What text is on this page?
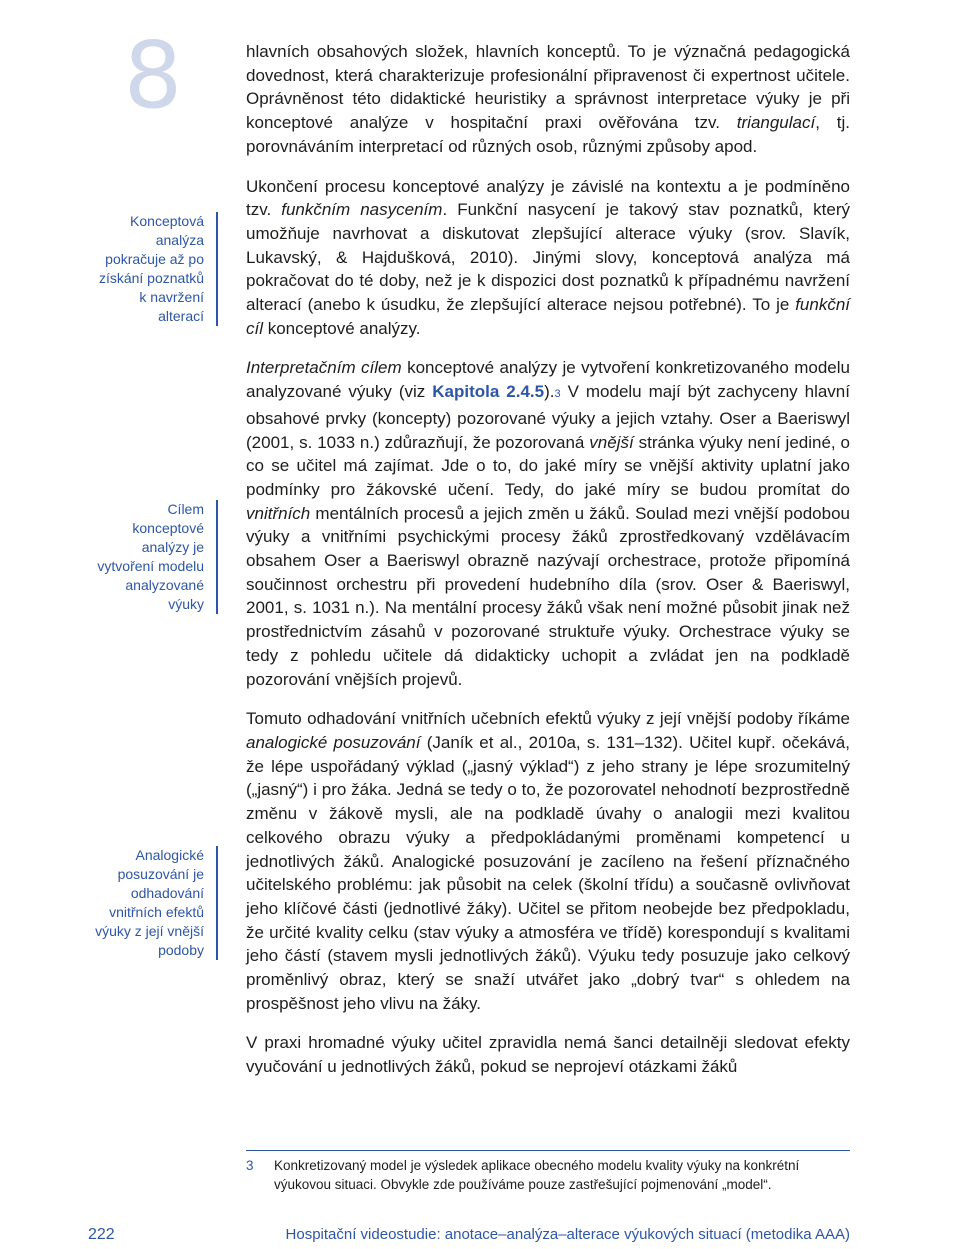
8
Konceptová analýza pokračuje až po získání poznatků k navržení alterací
Cílem konceptové analýzy je vytvoření modelu analyzované výuky
Analogické posuzování je odhadování vnitřních efektů výuky z její vnější podoby

hlavních obsahových složek, hlavních konceptů. To je význačná pedagogická dovednost, která charakterizuje profesionální připravenost či expertnost učitele. Oprávněnost této didaktické heuristiky a správnost interpretace výuky je při konceptové analýze v hospitační praxi ověřována tzv. triangulací, tj. porovnáváním interpretací od různých osob, různými způsoby apod.

Ukončení procesu konceptové analýzy je závislé na kontextu a je podmíněno tzv. funkčním nasycením. Funkční nasycení je takový stav poznatků, který umožňuje navrhovat a diskutovat zlepšující alterace výuky (srov. Slavík, Lukavský, & Hajdušková, 2010). Jinými slovy, konceptová analýza má pokračovat do té doby, než je k dispozici dost poznatků k případnému navržení alterací (anebo k úsudku, že zlepšující alterace nejsou potřebné). To je funkční cíl konceptové analýzy.

Interpretačním cílem konceptové analýzy je vytvoření konkretizovaného modelu analyzované výuky (viz Kapitola 2.4.5).3 V modelu mají být zachyceny hlavní obsahové prvky (koncepty) pozorované výuky a jejich vztahy. Oser a Baeriswyl (2001, s. 1033 n.) zdůrazňují, že pozorovaná vnější stránka výuky není jediné, o co se učitel má zajímat. Jde o to, do jaké míry se vnější aktivity uplatní jako podmínky pro žákovské učení. Tedy, do jaké míry se budou promítat do vnitřních mentálních procesů a jejich změn u žáků. Soulad mezi vnější podobou výuky a vnitřními psychickými procesy žáků zprostředkovaný vzdělávacím obsahem Oser a Baeriswyl obrazně nazývají orchestrace, protože připomíná součinnost orchestru při provedení hudebního díla (srov. Oser & Baeriswyl, 2001, s. 1031 n.). Na mentální procesy žáků však není možné působit jinak než prostřednictvím zásahů v pozorované struktuře výuky. Orchestrace výuky se tedy z pohledu učitele dá didakticky uchopit a zvládat jen na podkladě pozorování vnějších projevů.

Tomuto odhadování vnitřních učebních efektů výuky z její vnější podoby říkáme analogické posuzování (Janík et al., 2010a, s. 131–132). Učitel kupř. očekává, že lépe uspořádaný výklad („jasný výklad“) z jeho strany je lépe srozumitelný („jasný“) i pro žáka. Jedná se tedy o to, že pozorovatel nehodnotí bezprostředně změnu v žákově mysli, ale na podkladě úvahy o analogii mezi kvalitou celkového obrazu výuky a předpokládanými proměnami kompetencí u jednotlivých žáků. Analogické posuzování je zacíleno na řešení příznačného učitelského problému: jak působit na celek (školní třídu) a současně ovlivňovat jeho klíčové části (jednotlivé žáky). Učitel se přitom neobejde bez předpokladu, že určité kvality celku (stav výuky a atmosféra ve třídě) korespondují s kvalitami jeho částí (stavem mysli jednotlivých žáků). Výuku tedy posuzuje jako celkový proměnlivý obraz, který se snaží utvářet jako „dobrý tvar“ s ohledem na prospěšnost jeho vlivu na žáky.

V praxi hromadné výuky učitel zpravidla nemá šanci detailněji sledovat efekty vyučování u jednotlivých žáků, pokud se neprojeví otázkami žáků

3 Konkretizovaný model je výsledek aplikace obecného modelu kvality výuky na konkrétní výukovou situaci. Obvykle zde používáme pouze zastřešující pojmenování „model“.
222	Hospitační videostudie: anotace–analýza–alterace výukových situací (metodika AAA)
